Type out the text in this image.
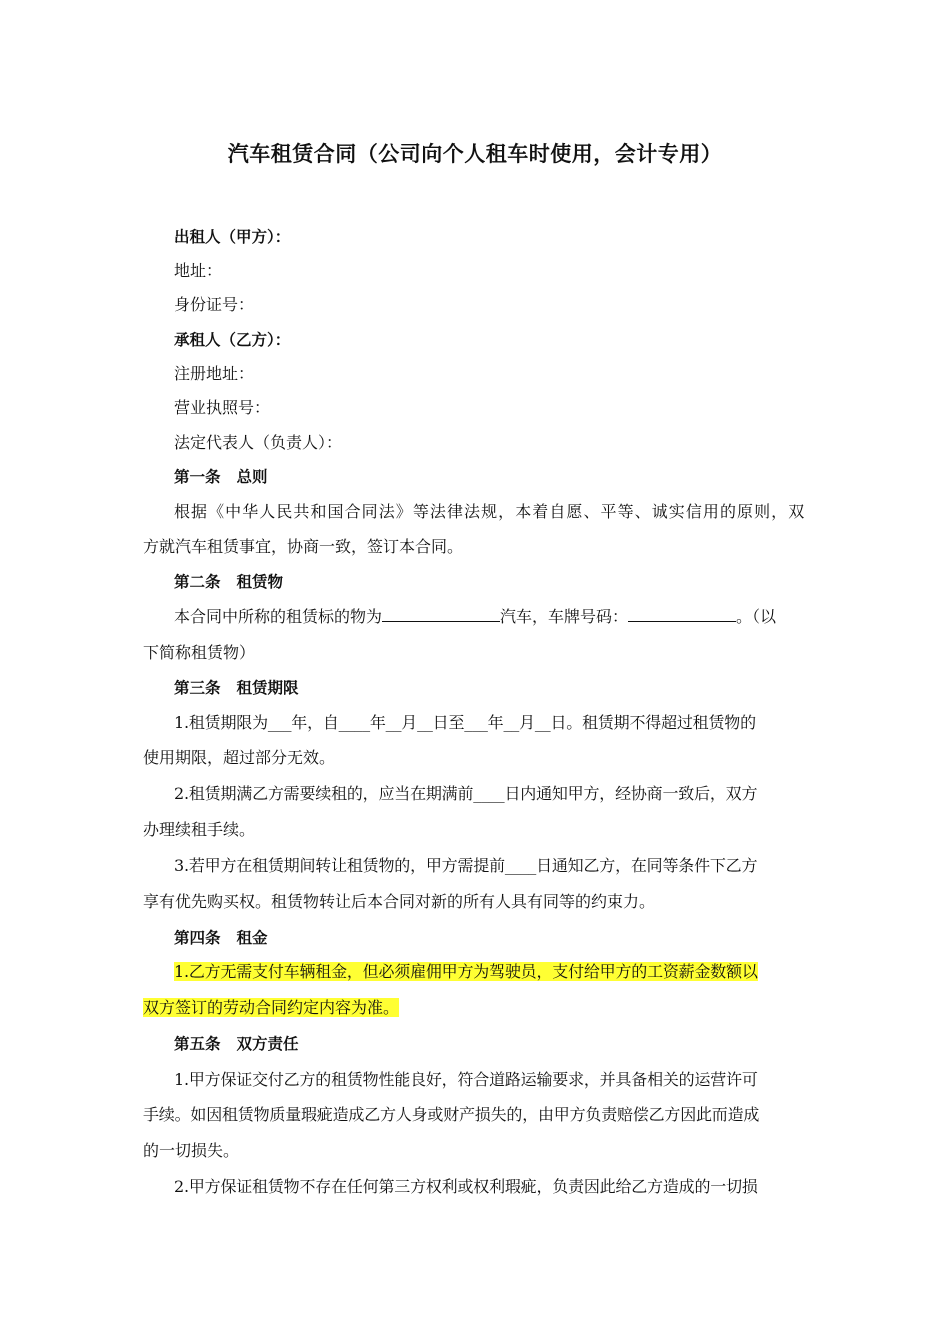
汽车租赁合同（公司向个人租车时使用，会计专用）
出租人（甲方）：
地址：
身份证号：
承租人（乙方）：
注册地址：
营业执照号：
法定代表人（负责人）：
第一条 总则
根据《中华人民共和国合同法》等法律法规，本着自愿、平等、诚实信用的原则，双
方就汽车租赁事宜，协商一致，签订本合同。
第二条 租赁物
本合同中所称的租赁标的物为	汽车，车牌号码：	。（以
下简称租赁物）
第三条 租赁期限
1.租赁期限为___年，自____年__月__日至___年__月__日。租赁期不得超过租赁物的
使用期限，超过部分无效。
2.租赁期满乙方需要续租的，应当在期满前____日内通知甲方，经协商一致后，双方
办理续租手续。
3.若甲方在租赁期间转让租赁物的，甲方需提前____日通知乙方，在同等条件下乙方
享有优先购买权。租赁物转让后本合同对新的所有人具有同等的约束力。
第四条 租金
1.乙方无需支付车辆租金，但必须雇佣甲方为驾驶员，支付给甲方的工资薪金数额以
双方签订的劳动合同约定内容为准。
第五条 双方责任
1.甲方保证交付乙方的租赁物性能良好，符合道路运输要求，并具备相关的运营许可
手续。如因租赁物质量瑕疵造成乙方人身或财产损失的，由甲方负责赔偿乙方因此而造成
的一切损失。
2.甲方保证租赁物不存在任何第三方权利或权利瑕疵，负责因此给乙方造成的一切损
